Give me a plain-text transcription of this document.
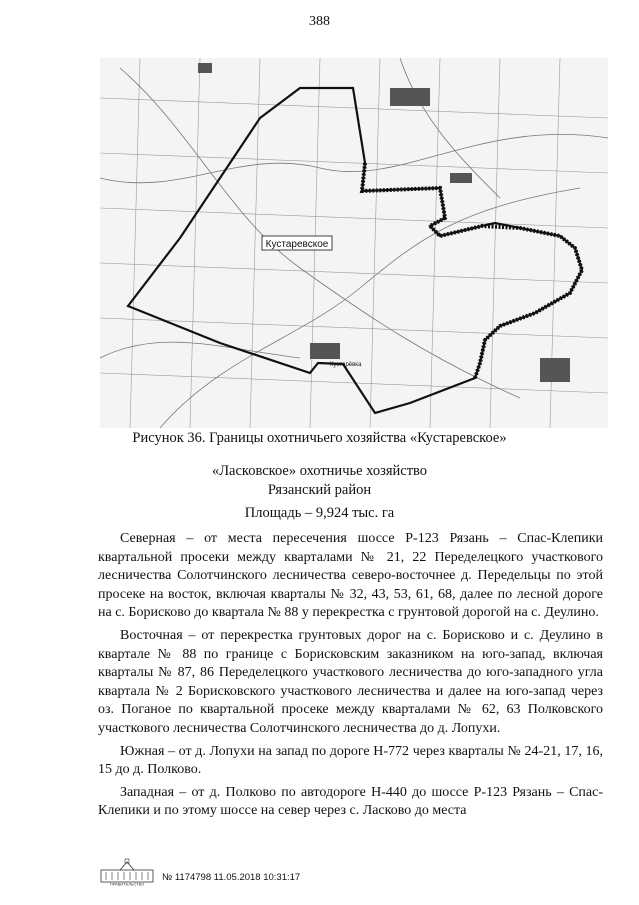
388
Кустаревское
Кустарёвка
Рисунок 36. Границы охотничьего хозяйства «Кустаревское»
«Ласковское» охотничье хозяйство
Рязанский район
Площадь – 9,924 тыс. га

Северная – от места пересечения шоссе Р-123 Рязань – Спас-Клепики квартальной просеки между кварталами № 21, 22 Переделецкого участкового лесничества Солотчинского лесничества северо-восточнее д. Передельцы по этой просеке на восток, включая кварталы № 32, 43, 53, 61, 68, далее по лесной дороге на с. Борисково до квартала № 88 у перекрестка с грунтовой дорогой на с. Деулино.

Восточная – от перекрестка грунтовых дорог на с. Борисково и с. Деулино в квартале № 88 по границе с Борисковским заказником на юго-запад, включая кварталы № 87, 86 Переделецкого участкового лесничества до юго-западного угла квартала № 2 Борисковского участкового лесничества и далее на юго-запад через оз. Поганое по квартальной просеке между кварталами № 62, 63 Полковского участкового лесничества Солотчинского лесничества до д. Лопухи.

Южная – от д. Лопухи на запад по дороге Н-772 через кварталы № 24-21, 17, 16, 15 до д. Полково.

Западная – от д. Полково по автодороге Н-440 до шоссе Р-123 Рязань – Спас-Клепики и по этому шоссе на север через с. Ласково до места

ПРАВИТЕЛЬСТВО
№ 1174798 11.05.2018 10:31:17
